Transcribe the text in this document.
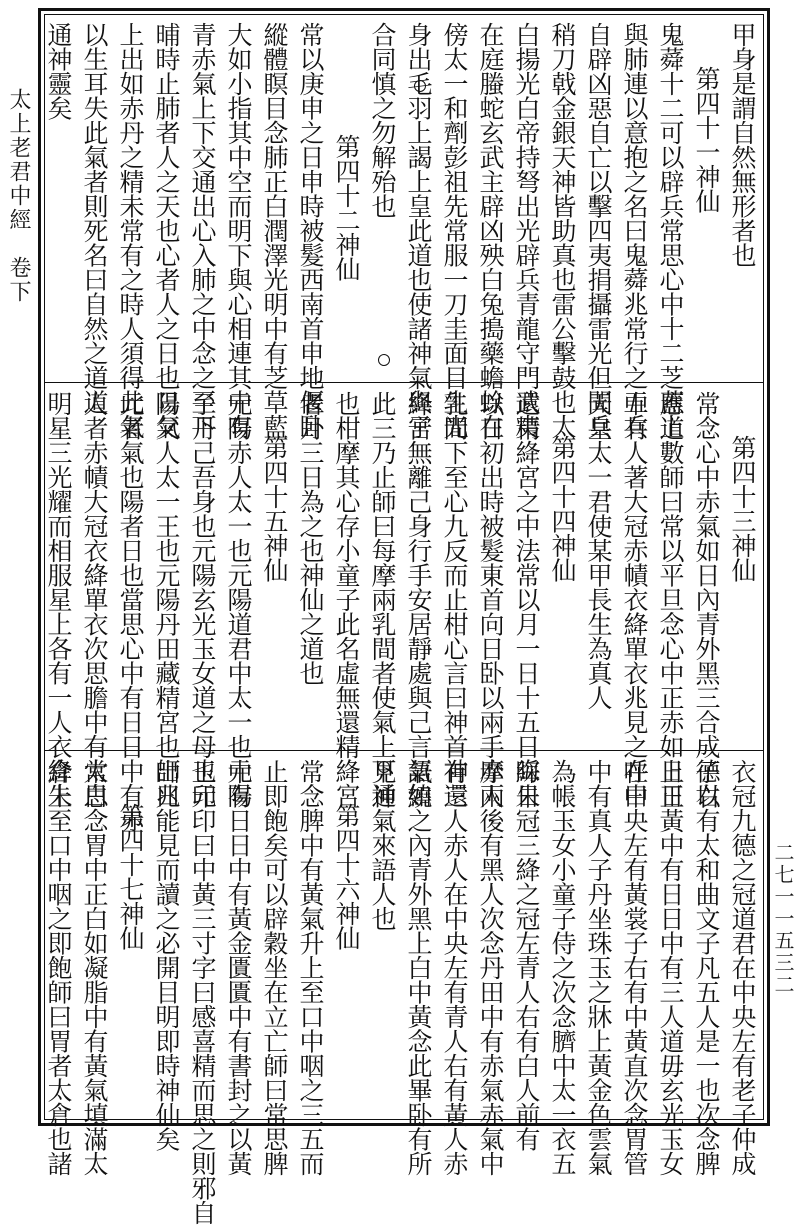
太上老君中經　卷下
二七一一五三二
甲身是謂自然無形者也
第四十一神仙
鬼蕣十二可以辟兵常思心中十二芝蓋上
與肺連以意抱之名曰鬼蕣兆常行之五兵
自辟凶惡自亡以擊四夷捐攝雷光但聞兵
稍刀戟金銀天神皆助真也雷公擊鼓也太
白揚光白帝持弩出光辟兵青龍守門武夷
在庭螣蛇玄武主辟凶殃白兔搗藥蟾蜍在
傍太一和劑彭祖先常服一刀圭面目生光
身出毛羽上謁上皇此道也使諸神氣與子
合同慎之勿解殆也
第四十二神仙
常以庚申之日申時被髮西南首申地偃卧
縱體瞑目念肺正白潤澤光明中有芝草藍
大如小指其中空而明下與心相連其中有
青赤氣上下交通出心入肺之中念之至下
晡時止肺者人之天也心者人之日也日氣
上出如赤丹之精未常有之時人須得此氣
以生耳失此氣者則死名曰自然之道道
通神靈矣
第四十三神仙
常念心中赤氣如日內青外黑三合成德以
應道數師曰常以平旦念心中正赤如日日
中有人著大冠赤幘衣絳單衣兆見之呼曰
天皇太一君使某甲長生為真人
第四十四神仙
還精絳宮之中法常以月一日十五日晦日
以日初出時被髮東首向日卧以兩手摩兩
乳間下至心九反而止柑心言曰神首神還
絳宮無離己身行手安居靜處與己言語如
此三乃止師曰每摩兩乳間者使氣上下通
也柑摩其心存小童子此名虛無還精絳宮
者月三日為之也神仙之道也
第四十五神仙
元陽赤人太一也元陽道君中太一也元陽
子丹己吾身也元陽玄光玉女道之母也元
陽父人太一王也元陽丹田藏精宮也師曰
元者氣也陽者日也當思心中有日日中有赤
人者赤幘大冠衣絳單衣次思膽中有太白
明星三光耀而相服星上各有一人衣絳朱
衣冠九德之冠道君在中央左有老子仲成
子右有太和曲文子凡五人是一也次念脾
上正黃中有日日中有三人道毋玄光玉女
在中央左有黃裳子右有中黃直次念胃管
中有真人子丹坐珠玉之牀上黃金色雲氣
為帳玉女小童子侍之次念臍中太一衣五
綵朱冠三絳之冠左青人右有白人前有
赤人後有黑人次念丹田中有赤氣赤氣中
有三人赤人在中央左有青人右有黃人赤
氣繞之內青外黑上白中黃念此畢卧有所
見神氣來語人也
第四十六神仙
常念脾中有黃氣升上至口中咽之三五而
止即飽矣可以辟穀坐在立亡師曰常思脾
中有日日中有黃金匱匱中有書封之以黃
玉印印曰中黃三寸字曰感喜精而思之則邪自
出兆能見而讀之必開目明即時神仙矣
第四十七神仙
常思念胃中正白如凝脂中有黃氣填滿太
倉上至口中咽之即飽師曰胃者太倉也諸
